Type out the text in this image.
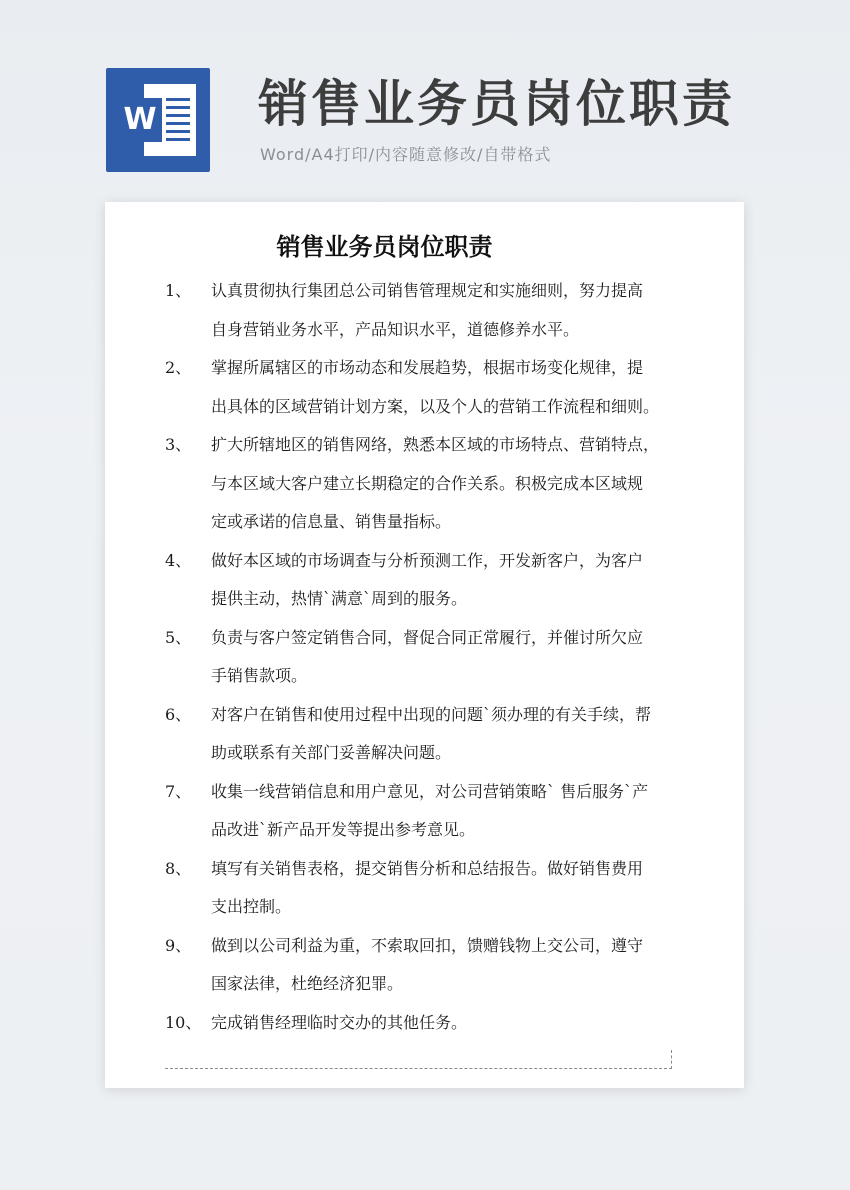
W 销售业务员岗位职责
Word/A4打印/内容随意修改/自带格式
销售业务员岗位职责
1、	认真贯彻执行集团总公司销售管理规定和实施细则，努力提高
自身营销业务水平，产品知识水平，道德修养水平。
2、	掌握所属辖区的市场动态和发展趋势，根据市场变化规律，提
出具体的区域营销计划方案，以及个人的营销工作流程和细则。
3、	扩大所辖地区的销售网络，熟悉本区域的市场特点、营销特点，
与本区域大客户建立长期稳定的合作关系。积极完成本区域规
定或承诺的信息量、销售量指标。
4、	做好本区域的市场调查与分析预测工作，开发新客户，为客户
提供主动，热情`满意`周到的服务。
5、	负责与客户签定销售合同，督促合同正常履行，并催讨所欠应
手销售款项。
6、	对客户在销售和使用过程中出现的问题`须办理的有关手续，帮
助或联系有关部门妥善解决问题。
7、	收集一线营销信息和用户意见，对公司营销策略` 售后服务`产
品改进`新产品开发等提出参考意见。
8、	填写有关销售表格，提交销售分析和总结报告。做好销售费用
支出控制。
9、	做到以公司利益为重，不索取回扣，馈赠钱物上交公司，遵守
国家法律，杜绝经济犯罪。
10、 完成销售经理临时交办的其他任务。
